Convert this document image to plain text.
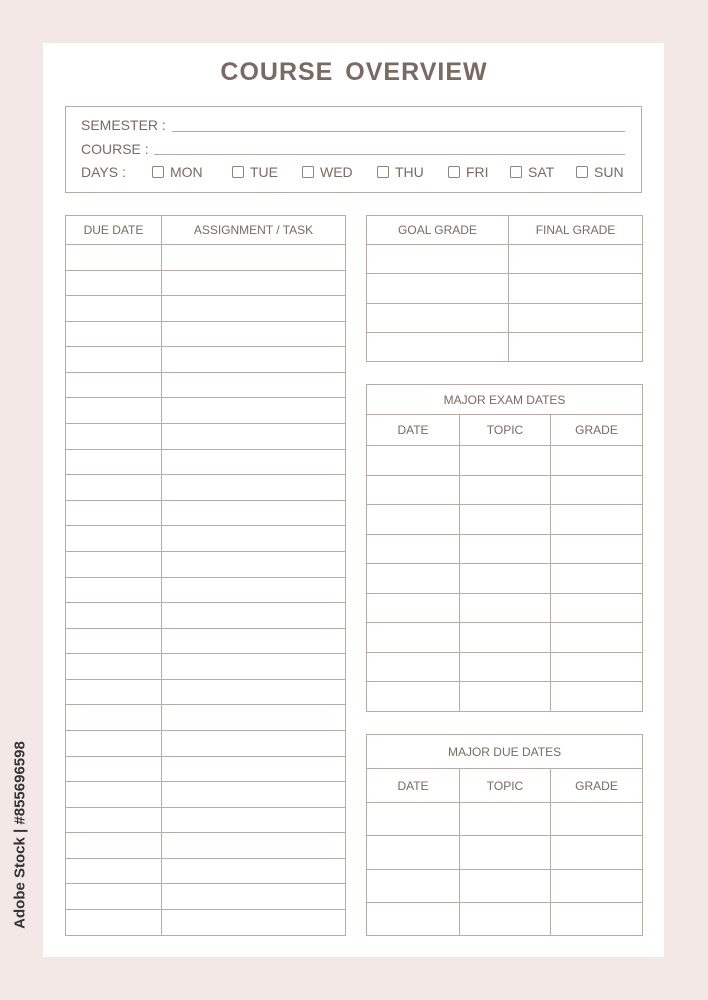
COURSE OVERVIEW
SEMESTER :
COURSE :
DAYS :	MON	TUE	WED	THU	FRI	SAT	SUN
DUE DATE	ASSIGNMENT / TASK

		GOAL GRADE	FINAL GRADE

MAJOR EXAM DATES		
DATE	TOPIC	GRADE

MAJOR DUE DATES		
DATE	TOPIC	GRADE

Adobe Stock | #855696598
